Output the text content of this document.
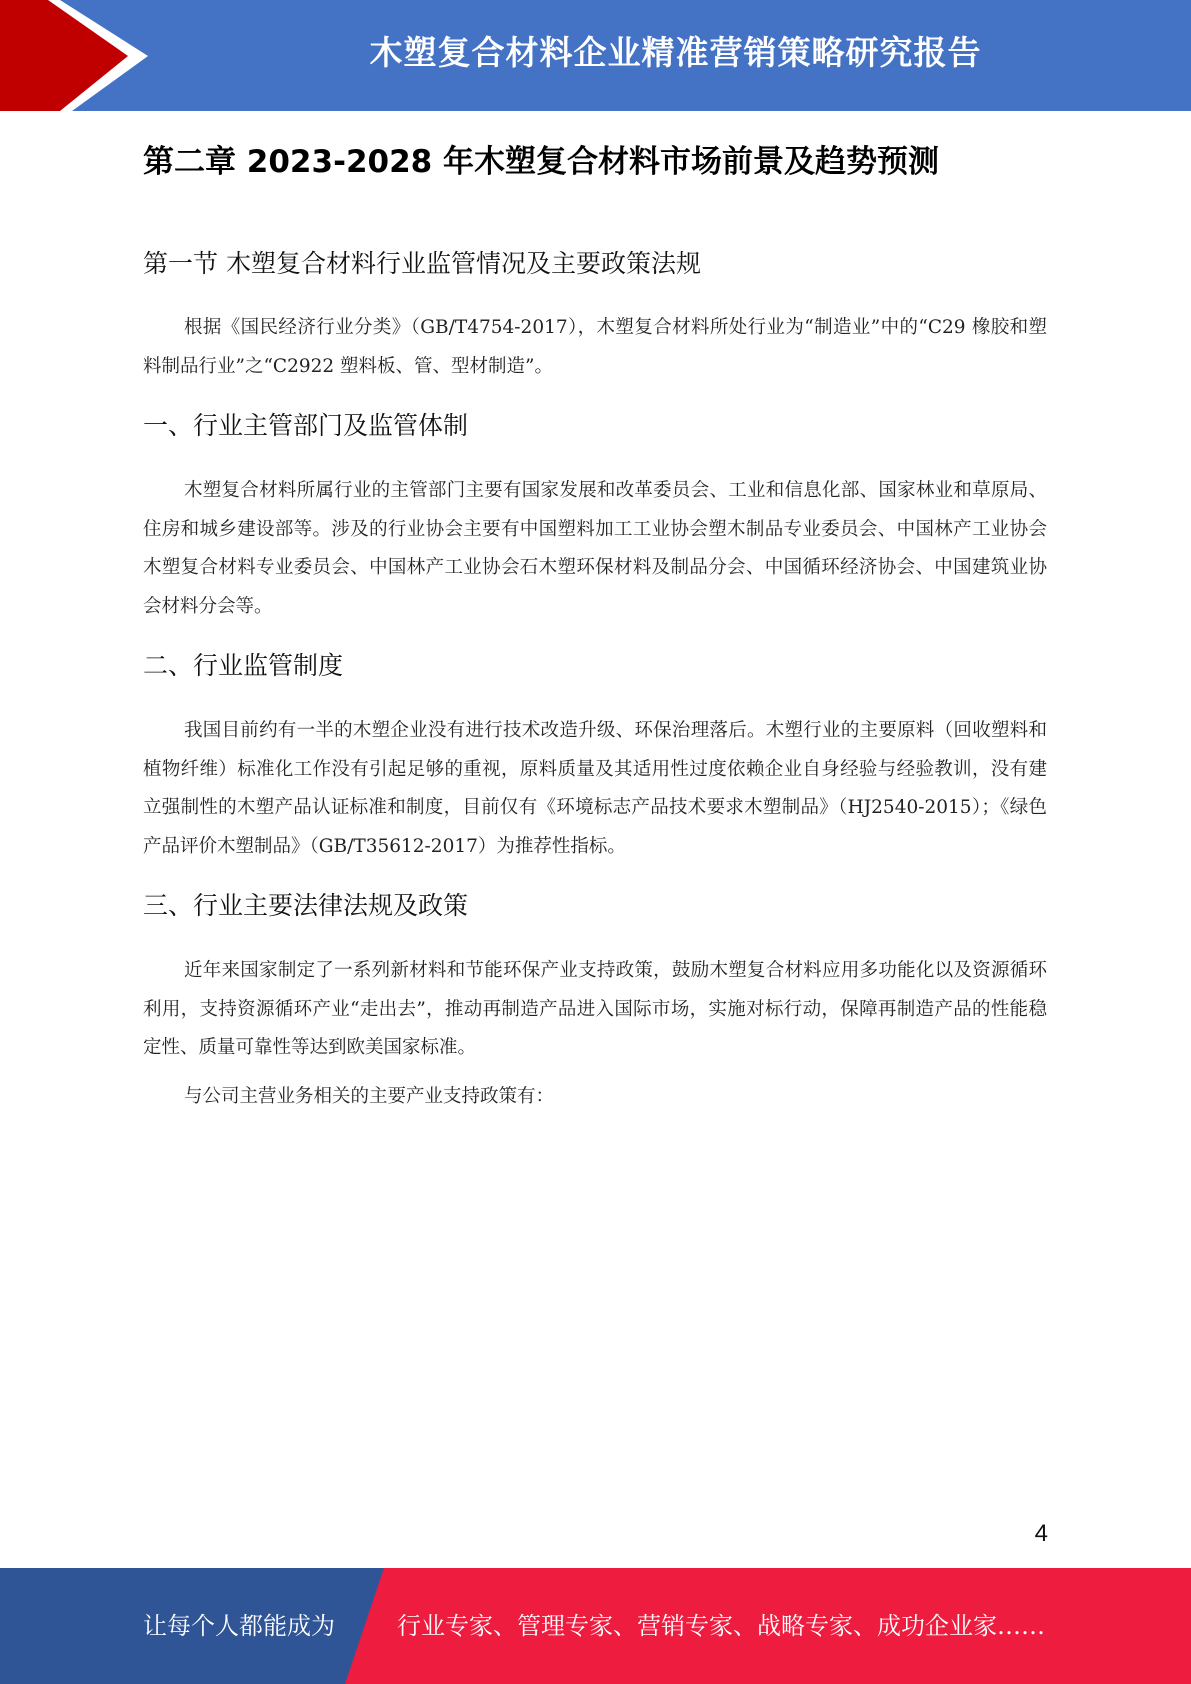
木塑复合材料企业精准营销策略研究报告
第二章 2023-2028 年木塑复合材料市场前景及趋势预测
第一节 木塑复合材料行业监管情况及主要政策法规

根据《国民经济行业分类》（GB/T4754-2017），木塑复合材料所处行业为“制造业”中的“C29 橡胶和塑料制品行业”之“C2922 塑料板、管、型材制造”。

一、行业主管部门及监管体制

木塑复合材料所属行业的主管部门主要有国家发展和改革委员会、工业和信息化部、国家林业和草原局、住房和城乡建设部等。涉及的行业协会主要有中国塑料加工工业协会塑木制品专业委员会、中国林产工业协会木塑复合材料专业委员会、中国林产工业协会石木塑环保材料及制品分会、中国循环经济协会、中国建筑业协会材料分会等。

二、行业监管制度

我国目前约有一半的木塑企业没有进行技术改造升级、环保治理落后。木塑行业的主要原料（回收塑料和植物纤维）标准化工作没有引起足够的重视，原料质量及其适用性过度依赖企业自身经验与经验教训，没有建立强制性的木塑产品认证标准和制度，目前仅有《环境标志产品技术要求木塑制品》（HJ2540-2015）；《绿色产品评价木塑制品》（GB/T35612-2017）为推荐性指标。

三、行业主要法律法规及政策

近年来国家制定了一系列新材料和节能环保产业支持政策，鼓励木塑复合材料应用多功能化以及资源循环利用，支持资源循环产业“走出去”，推动再制造产品进入国际市场，实施对标行动，保障再制造产品的性能稳定性、质量可靠性等达到欧美国家标准。

与公司主营业务相关的主要产业支持政策有：

4
让每个人都能成为	行业专家、管理专家、营销专家、战略专家、成功企业家……
